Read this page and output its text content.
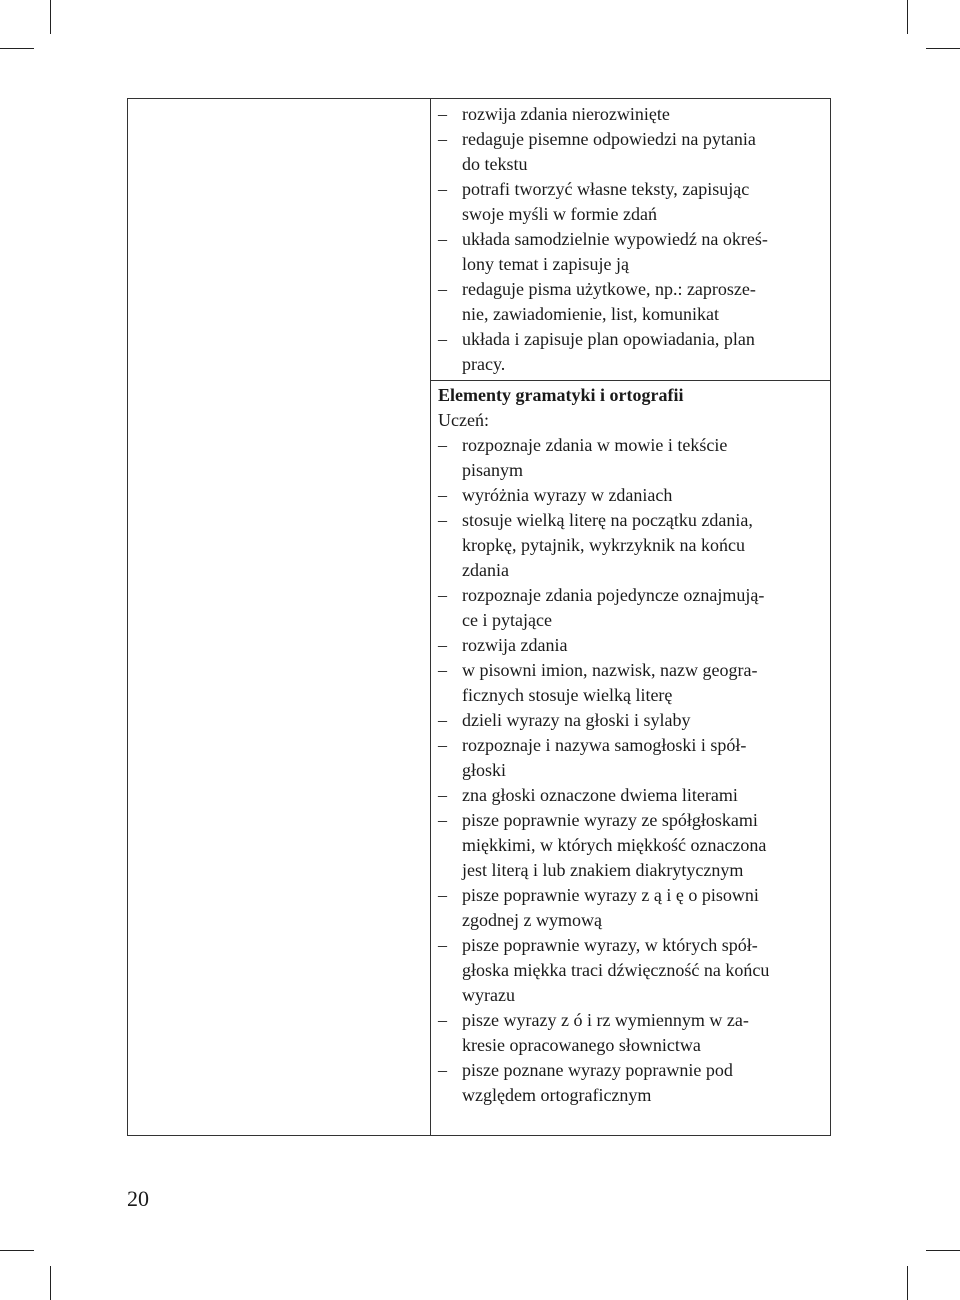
– rozwija zdania nierozwinięte
– redaguje pisemne odpowiedzi na pytania
do tekstu
– potrafi tworzyć własne teksty, zapisując
swoje myśli w formie zdań
– układa samodzielnie wypowiedź na okreś-
lony temat i zapisuje ją
– redaguje pisma użytkowe, np.: zaprosze-
nie, zawiadomienie, list, komunikat
– układa i zapisuje plan opowiadania, plan
pracy.
Elementy gramatyki i ortografii
Uczeń:
– rozpoznaje zdania w mowie i tekście
pisanym
– wyróżnia wyrazy w zdaniach
– stosuje wielką literę na początku zdania,
kropkę, pytajnik, wykrzyknik na końcu
zdania
– rozpoznaje zdania pojedyncze oznajmują-
ce i pytające
– rozwija zdania
– w pisowni imion, nazwisk, nazw geogra-
ficznych stosuje wielką literę
– dzieli wyrazy na głoski i sylaby
– rozpoznaje i nazywa samogłoski i spół-
głoski
– zna głoski oznaczone dwiema literami
– pisze poprawnie wyrazy ze spółgłoskami
miękkimi, w których miękkość oznaczona
jest literą i lub znakiem diakrytycznym
– pisze poprawnie wyrazy z ą i ę o pisowni
zgodnej z wymową
– pisze poprawnie wyrazy, w których spół-
głoska miękka traci dźwięczność na końcu
wyrazu
– pisze wyrazy z ó i rz wymiennym w za-
kresie opracowanego słownictwa
– pisze poznane wyrazy poprawnie pod
względem ortograficznym
20
